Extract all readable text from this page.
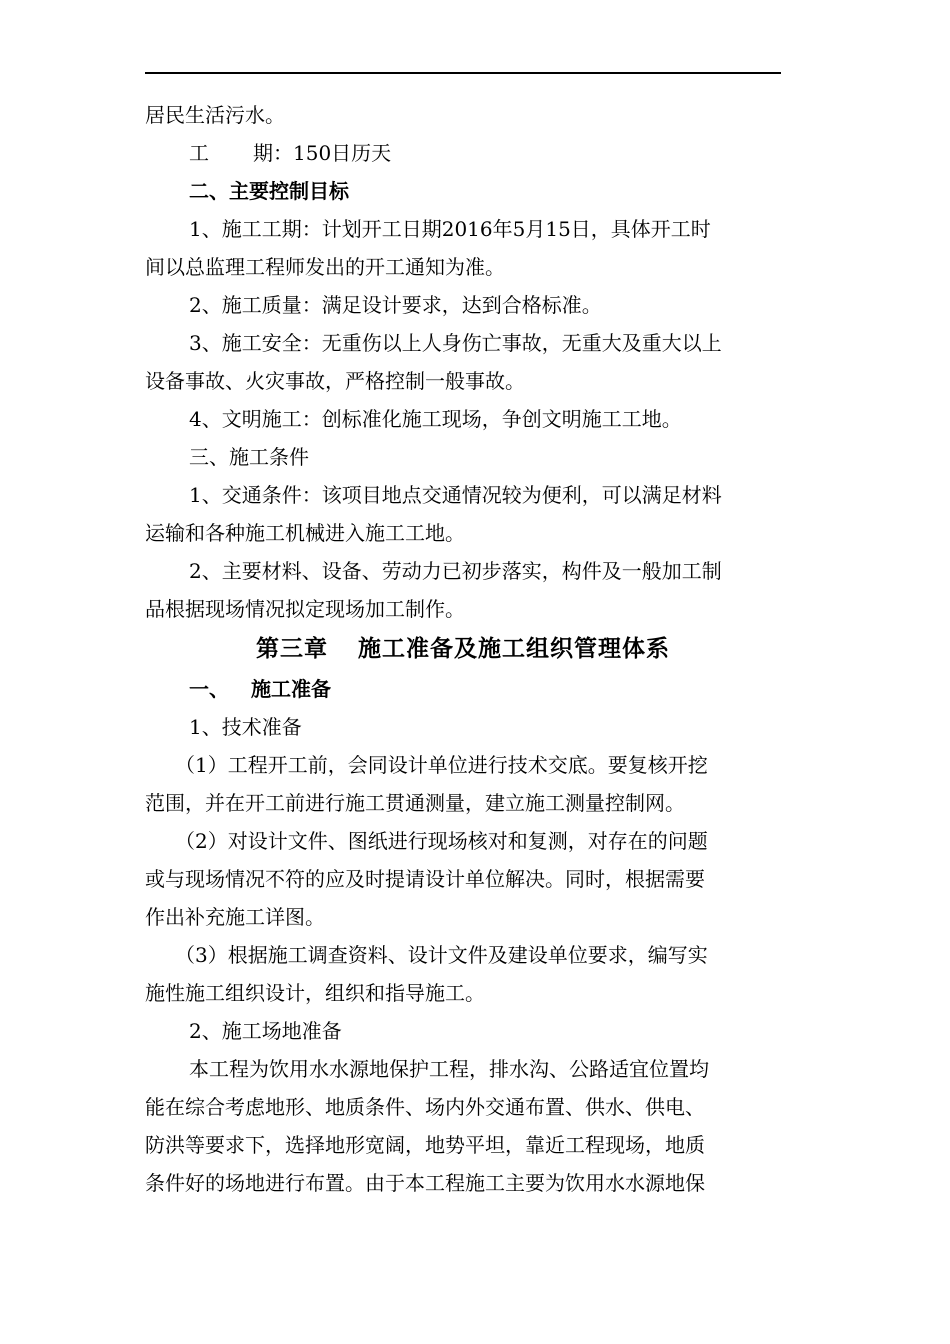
居民生活污水。

工 期：150日历天

二、主要控制目标

1、施工工期：计划开工日期2016年5月15日，具体开工时

间以总监理工程师发出的开工通知为准。

2、施工质量：满足设计要求，达到合格标准。

3、施工安全：无重伤以上人身伤亡事故，无重大及重大以上

设备事故、火灾事故，严格控制一般事故。

4、文明施工：创标准化施工现场，争创文明施工工地。

三、施工条件

1、交通条件：该项目地点交通情况较为便利，可以满足材料

运输和各种施工机械进入施工工地。

2、主要材料、设备、劳动力已初步落实，构件及一般加工制

品根据现场情况拟定现场加工制作。

第三章 施工准备及施工组织管理体系

一、 施工准备

1、技术准备

（1）工程开工前，会同设计单位进行技术交底。要复核开挖

范围，并在开工前进行施工贯通测量，建立施工测量控制网。

（2）对设计文件、图纸进行现场核对和复测，对存在的问题

或与现场情况不符的应及时提请设计单位解决。同时，根据需要

作出补充施工详图。

（3）根据施工调查资料、设计文件及建设单位要求，编写实

施性施工组织设计，组织和指导施工。

2、施工场地准备

本工程为饮用水水源地保护工程，排水沟、公路适宜位置均

能在综合考虑地形、地质条件、场内外交通布置、供水、供电、

防洪等要求下，选择地形宽阔，地势平坦，靠近工程现场，地质

条件好的场地进行布置。由于本工程施工主要为饮用水水源地保
